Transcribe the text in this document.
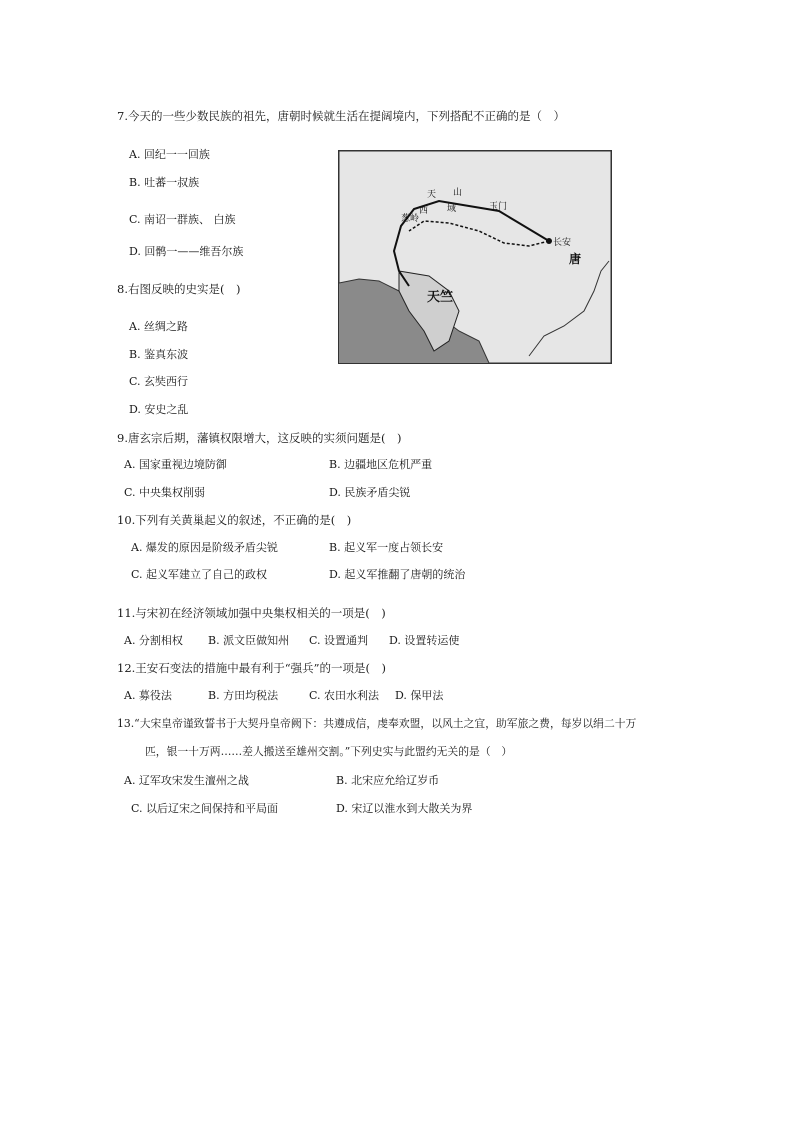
7.今天的一些少数民族的祖先，唐朝时候就生活在提阔境内，下列搭配不正确的是（　）
A. 回纪一一回族
B. 吐蕃一叔族
C. 南诏一群族、 白族
D. 回鹘一——维吾尔族
8.右图反映的史实是(　)
A. 丝绸之路
B. 鉴真东波
C. 玄奘西行
D. 安史之乱
天 山
西 域
葱岭
玉门
长安
唐
天竺
9.唐玄宗后期，藩镇权限增大，这反映的实须问题是(　)
A. 国家重视边境防御	B. 边疆地区危机严重
C. 中央集权削弱	D. 民族矛盾尖锐
10.下列有关黄巢起义的叙述，不正确的是(　)
A. 爆发的原因是阶级矛盾尖锐	B. 起义军一度占领长安
C. 起义军建立了自己的政权	D. 起义军推翻了唐朝的统治
11.与宋初在经济领域加强中央集权相关的一项是(　)
A. 分割相权 B. 派文臣做知州 C. 设置通判 D. 设置转运使
12.王安石变法的措施中最有利于“强兵”的一项是(　)
A. 募役法	B. 方田均税法	C. 农田水利法 D. 保甲法
13.“大宋皇帝谨致誓书于大契丹皇帝阙下：共遵成信，虔奉欢盟，以风土之宜，助军旅之费，每岁以绢二十万
匹，银一十万两……差人搬送至雄州交割。”下列史实与此盟约无关的是（　）
A. 辽军攻宋发生澶州之战	B. 北宋应允给辽岁币
C. 以后辽宋之间保持和平局面	D. 宋辽以淮水到大散关为界
